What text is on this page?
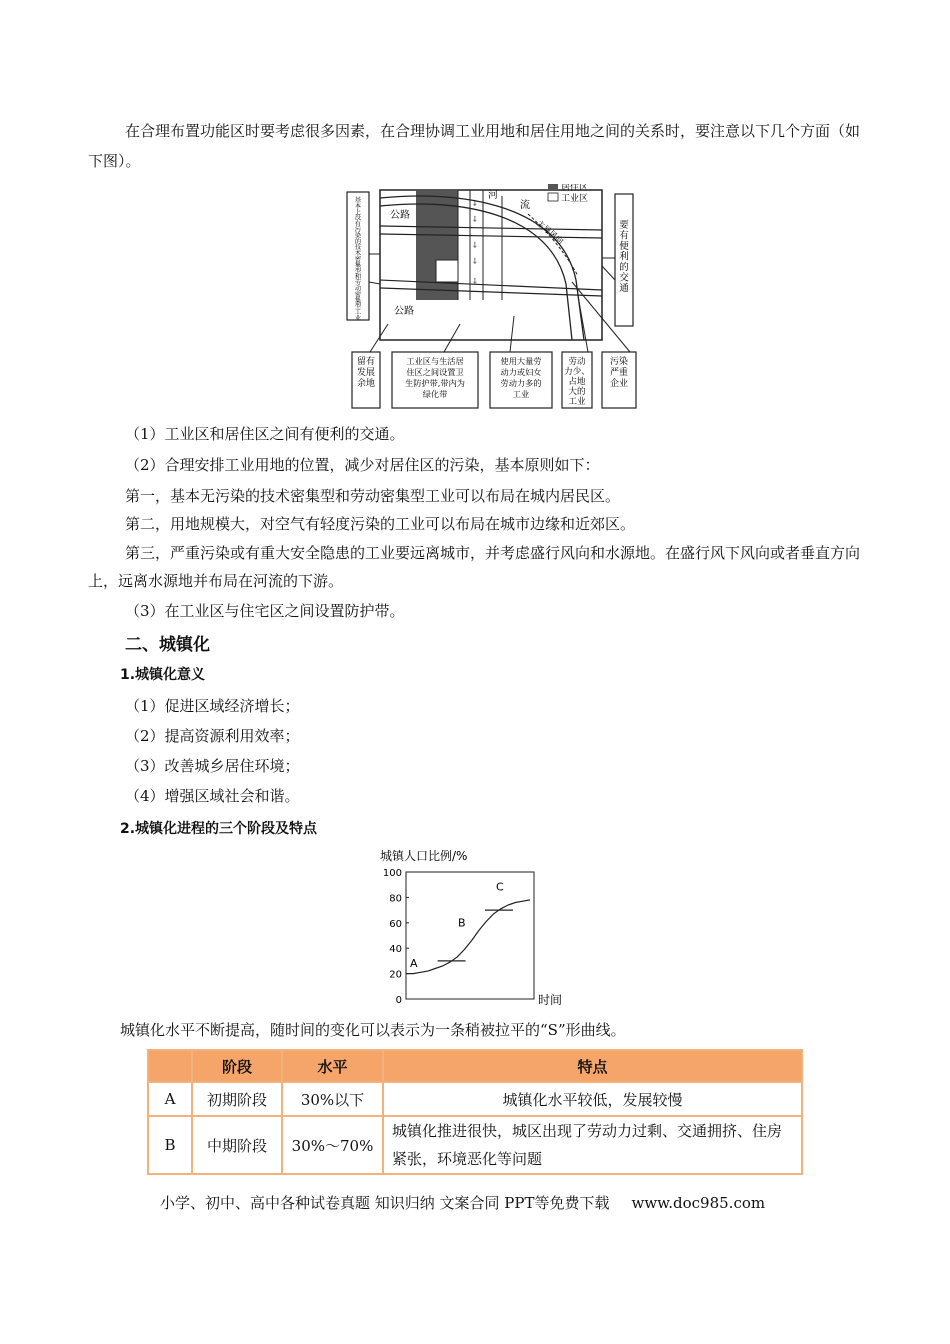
在合理布置功能区时要考虑很多因素，在合理协调工业用地和居住用地之间的关系时，要注意以下几个方面（如下图）。

基
本
上
没
有
污
染
的
技
术
密
集
型
和
劳
动
密
集
型
工
业
要
有
便
利
的
交
通
⸸
⸸
⸸
⸸
⸸
河
流
主导风向
公路
公路
居住区
工业区
留有
发展
余地
工业区与生活居
住区之间设置卫
生防护带,带内为
绿化带
使用大量劳
动力或妇女
劳动力多的
工业
劳动
力少、
占地
大的
工业
污染
严重
企业

（1）工业区和居住区之间有便利的交通。

（2）合理安排工业用地的位置，减少对居住区的污染，基本原则如下：

第一，基本无污染的技术密集型和劳动密集型工业可以布局在城内居民区。

第二，用地规模大，对空气有轻度污染的工业可以布局在城市边缘和近郊区。

第三，严重污染或有重大安全隐患的工业要远离城市，并考虑盛行风向和水源地。在盛行风下风向或者垂直方向上，远离水源地并布局在河流的下游。

（3）在工业区与住宅区之间设置防护带。

二、城镇化
1.城镇化意义

（1）促进区域经济增长；

（2）提高资源利用效率；

（3）改善城乡居住环境；

（4）增强区域社会和谐。

2.城镇化进程的三个阶段及特点
城镇人口比例/%
0
20
40
60
80
100
A
B
C
时间

城镇化水平不断提高，随时间的变化可以表示为一条稍被拉平的“S”形曲线。

	阶段	水平	特点
A	初期阶段	30%以下	城镇化水平较低，发展较慢
B	中期阶段	30%～70%	城镇化推进很快，城区出现了劳动力过剩、交通拥挤、住房紧张，环境恶化等问题
小学、初中、高中各种试卷真题 知识归纳 文案合同 PPT等免费下载 www.doc985.com
